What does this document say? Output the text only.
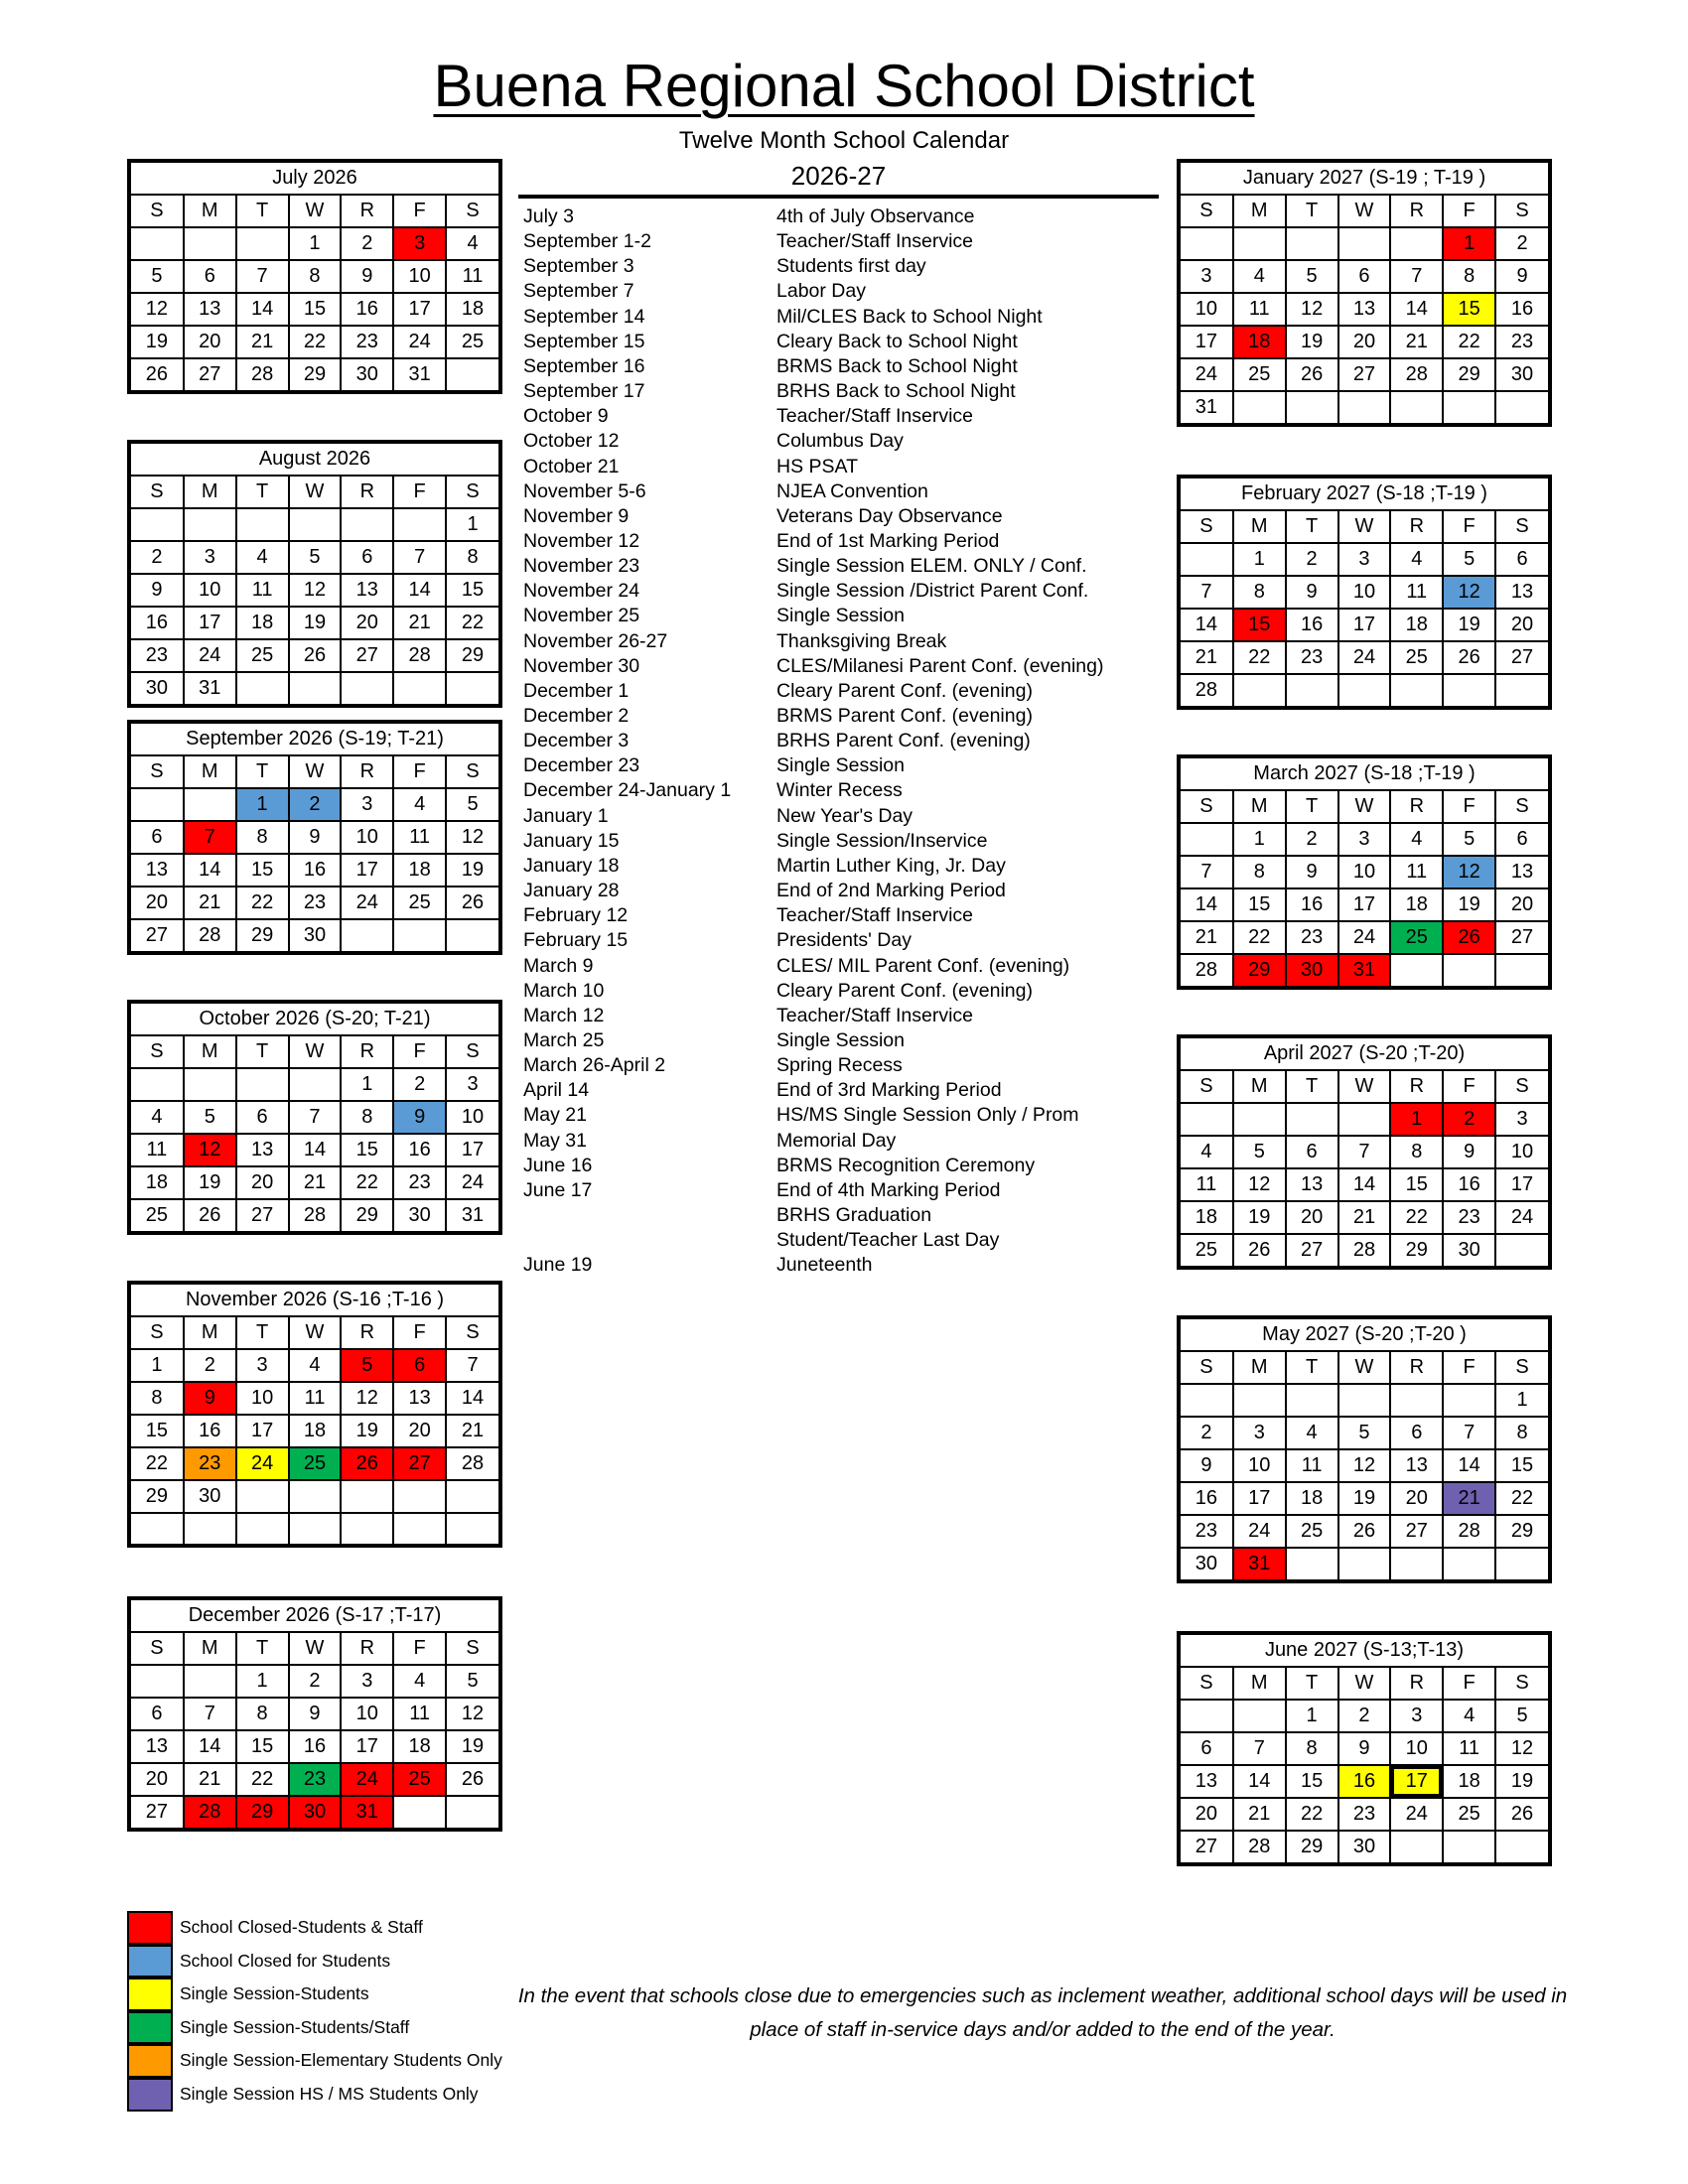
Buena Regional School District
Twelve Month School Calendar
2026-27
July 2026
S	M	T	W	R	F	S
			1	2	3	4
5	6	7	8	9	10	11
12	13	14	15	16	17	18
19	20	21	22	23	24	25
26	27	28	29	30	31	
August 2026
S	M	T	W	R	F	S
						1
2	3	4	5	6	7	8
9	10	11	12	13	14	15
16	17	18	19	20	21	22
23	24	25	26	27	28	29
30	31					
September 2026 (S-19; T-21)
S	M	T	W	R	F	S
		1	2	3	4	5
6	7	8	9	10	11	12
13	14	15	16	17	18	19
20	21	22	23	24	25	26
27	28	29	30			
October 2026 (S-20; T-21)
S	M	T	W	R	F	S
				1	2	3
4	5	6	7	8	9	10
11	12	13	14	15	16	17
18	19	20	21	22	23	24
25	26	27	28	29	30	31
November 2026 (S-16 ;T-16 )
S	M	T	W	R	F	S
1	2	3	4	5	6	7
8	9	10	11	12	13	14
15	16	17	18	19	20	21
22	23	24	25	26	27	28
29	30					

December 2026 (S-17 ;T-17)
S	M	T	W	R	F	S
		1	2	3	4	5
6	7	8	9	10	11	12
13	14	15	16	17	18	19
20	21	22	23	24	25	26
27	28	29	30	31		
January 2027 (S-19 ; T-19 )
S	M	T	W	R	F	S
					1	2
3	4	5	6	7	8	9
10	11	12	13	14	15	16
17	18	19	20	21	22	23
24	25	26	27	28	29	30
31						
February 2027 (S-18 ;T-19 )
S	M	T	W	R	F	S
	1	2	3	4	5	6
7	8	9	10	11	12	13
14	15	16	17	18	19	20
21	22	23	24	25	26	27
28						
March 2027 (S-18 ;T-19 )
S	M	T	W	R	F	S
	1	2	3	4	5	6
7	8	9	10	11	12	13
14	15	16	17	18	19	20
21	22	23	24	25	26	27
28	29	30	31			
April 2027 (S-20 ;T-20)
S	M	T	W	R	F	S
				1	2	3
4	5	6	7	8	9	10
11	12	13	14	15	16	17
18	19	20	21	22	23	24
25	26	27	28	29	30	
May 2027 (S-20 ;T-20 )
S	M	T	W	R	F	S
						1
2	3	4	5	6	7	8
9	10	11	12	13	14	15
16	17	18	19	20	21	22
23	24	25	26	27	28	29
30	31					
June 2027 (S-13;T-13)
S	M	T	W	R	F	S
		1	2	3	4	5
6	7	8	9	10	11	12
13	14	15	16	17	18	19
20	21	22	23	24	25	26
27	28	29	30			
July 3	4th of July Observance
September 1-2	Teacher/Staff Inservice
September 3	Students first day
September 7	Labor Day
September 14	Mil/CLES Back to School Night
September 15	Cleary Back to School Night
September 16	BRMS Back to School Night
September 17	BRHS Back to School Night
October 9	Teacher/Staff Inservice
October 12	Columbus Day
October 21	HS PSAT
November 5-6	NJEA Convention
November 9	Veterans Day Observance
November 12	End of 1st Marking Period
November 23	Single Session ELEM. ONLY / Conf.
November 24	Single Session /District Parent Conf.
November 25	Single Session
November 26-27	Thanksgiving Break
November 30	CLES/Milanesi Parent Conf. (evening)
December 1	Cleary Parent Conf. (evening)
December 2	BRMS Parent Conf. (evening)
December 3	BRHS Parent Conf. (evening)
December 23	Single Session
December 24-January 1 Winter Recess
January 1	New Year's Day
January 15	Single Session/Inservice
January 18	Martin Luther King, Jr. Day
January 28	End of 2nd Marking Period
February 12	Teacher/Staff Inservice
February 15	Presidents' Day
March 9	CLES/ MIL Parent Conf. (evening)
March 10	Cleary Parent Conf. (evening)
March 12	Teacher/Staff Inservice
March 25	Single Session
March 26-April 2	Spring Recess
April 14	End of 3rd Marking Period
May 21	HS/MS Single Session Only / Prom
May 31	Memorial Day
June 16	BRMS Recognition Ceremony
June 17	End of 4th Marking Period
BRHS Graduation
Student/Teacher Last Day
June 19	Juneteenth
School Closed-Students & Staff
School Closed for Students
Single Session-Students
Single Session-Students/Staff
Single Session-Elementary Students Only
Single Session HS / MS Students Only
In the event that schools close due to emergencies such as inclement weather, additional school days will be used in place of staff in-service days and/or added to the end of the year.
